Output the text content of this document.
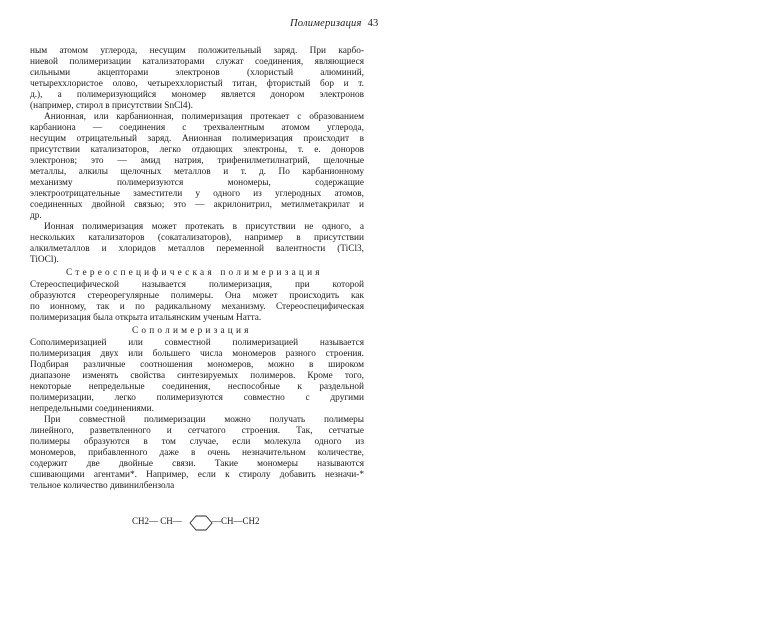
Полимеризация 43
ным атомом углерода, несущим положительный заряд. При карбо-
ниевой полимеризации катализаторами служат соединения, являющиеся
сильными акцепторами электронов (хлористый алюминий,
четыреххлористое олово, четыреххлористый титан, фтористый бор и т.
д.), а полимеризующийся мономер является донором электронов
(например, стирол в присутствии SnCl4).
Анионная, или карбанионная, полимеризация протекает с образованием
карбаниона — соединения с трехвалентным атомом углерода,
несущим отрицательный заряд. Анионная полимеризация происходит в
присутствии катализаторов, легко отдающих электроны, т. е. доноров
электронов; это — амид натрия, трифенилметилнатрий, щелочные
металлы, алкилы щелочных металлов и т. д. По карбанионному
механизму полимеризуются мономеры, содержащие
электроотрицательные заместители у одного из углеродных атомов,
соединенных двойной связью; это — акрилонитрил, метилметакрилат и
др.
Ионная полимеризация может протекать в присутствии не одного, а
нескольких катализаторов (сокатализаторов), например в присутствии
алкилметаллов и хлоридов металлов переменной валентности (TiCl3,
TiOCl).
Стереоспецифическая полимеризация
Стереоспецифической называется полимеризация, при которой
образуются стереорегулярные полимеры. Она может происходить как
по ионному, так и по радикальному механизму. Стереоспецифическая
полимеризация была открыта итальянским ученым Наттa.
Сополимеризация
Сополимеризацией или совместной полимеризацией называется
полимеризация двух или большего числа мономеров разного строения.
Подбирая различные соотношения мономеров, можно в широком
диапазоне изменять свойства синтезируемых полимеров. Кроме того,
некоторые непредельные соединения, неспособные к раздельной
полимеризации, легко полимеризуются совместно с другими
непредельными соединениями.
При совместной полимеризации можно получать полимеры
линейного, разветвленного и сетчатого строения. Так, сетчатые
полимеры образуются в том случае, если молекула одного из
мономеров, прибавленного даже в очень незначительном количестве,
содержит две двойные связи. Такие мономеры называются
сшивающими агентами*. Например, если к стиролу добавить незначи-*
тельное количество дивинилбензола
CH2— CH—	—CH—CH2
